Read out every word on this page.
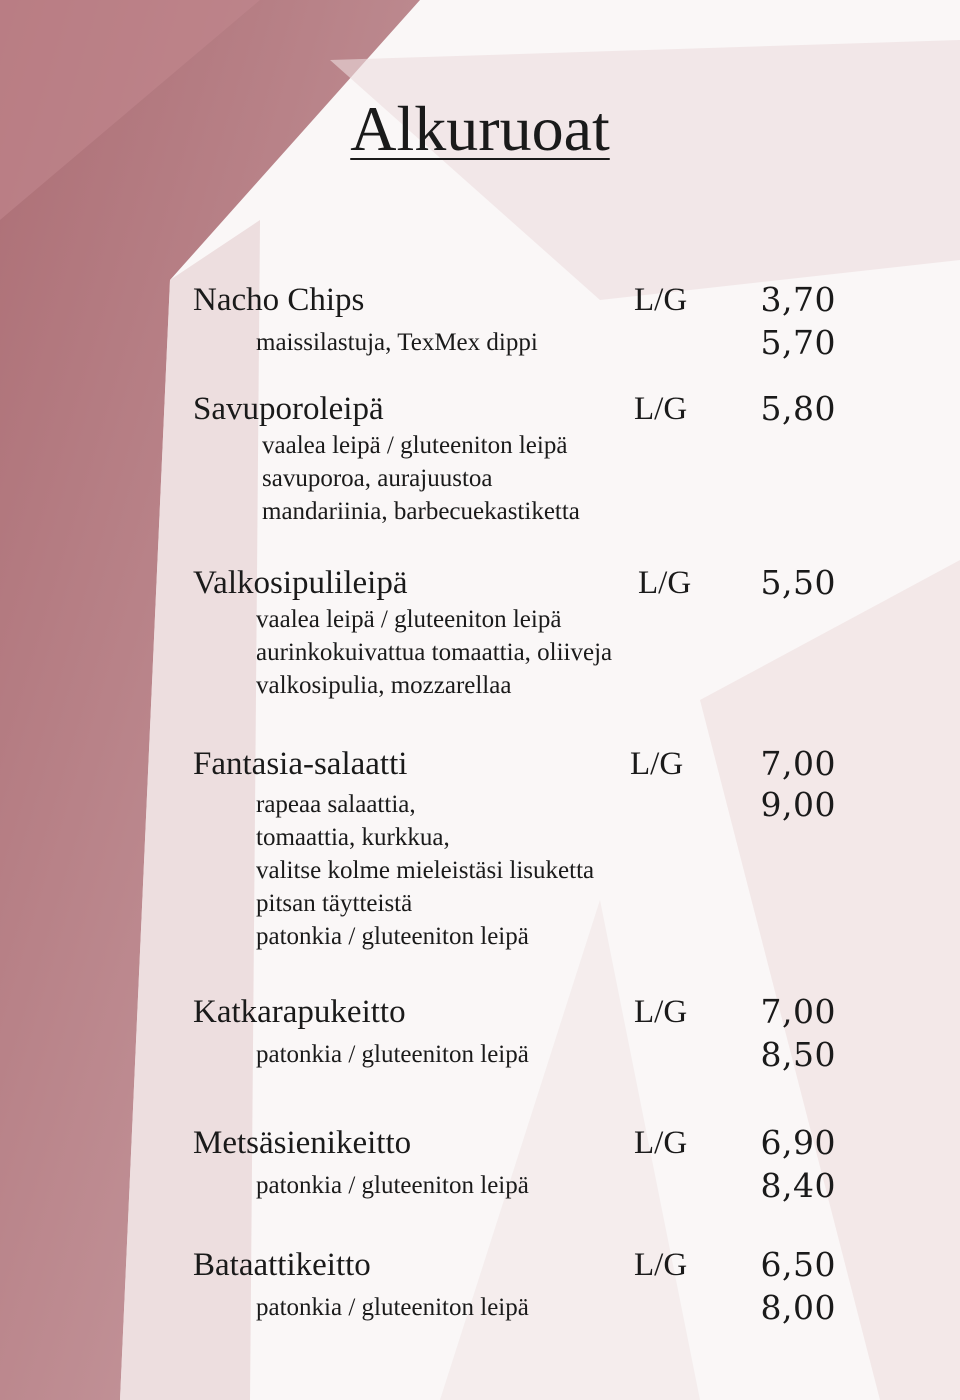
Alkuruoat
Nacho Chips	L/G 3,70
maissilastuja, TexMex dippi	5,70
Savuporoleipä	L/G 5,80
vaalea leipä / gluteeniton leipä
savuporoa, aurajuustoa
mandariinia, barbecuekastiketta
Valkosipulileipä	L/G 5,50
vaalea leipä / gluteeniton leipä
aurinkokuivattua tomaattia, oliiveja
valkosipulia, mozzarellaa
Fantasia-salaatti	L/G 7,00
rapeaa salaattia,	9,00
tomaattia, kurkkua,
valitse kolme mieleistäsi lisuketta
pitsan täytteistä
patonkia / gluteeniton leipä
Katkarapukeitto	L/G 7,00
patonkia / gluteeniton leipä	8,50
Metsäsienikeitto	L/G 6,90
patonkia / gluteeniton leipä	8,40
Bataattikeitto	L/G 6,50
patonkia / gluteeniton leipä	8,00
